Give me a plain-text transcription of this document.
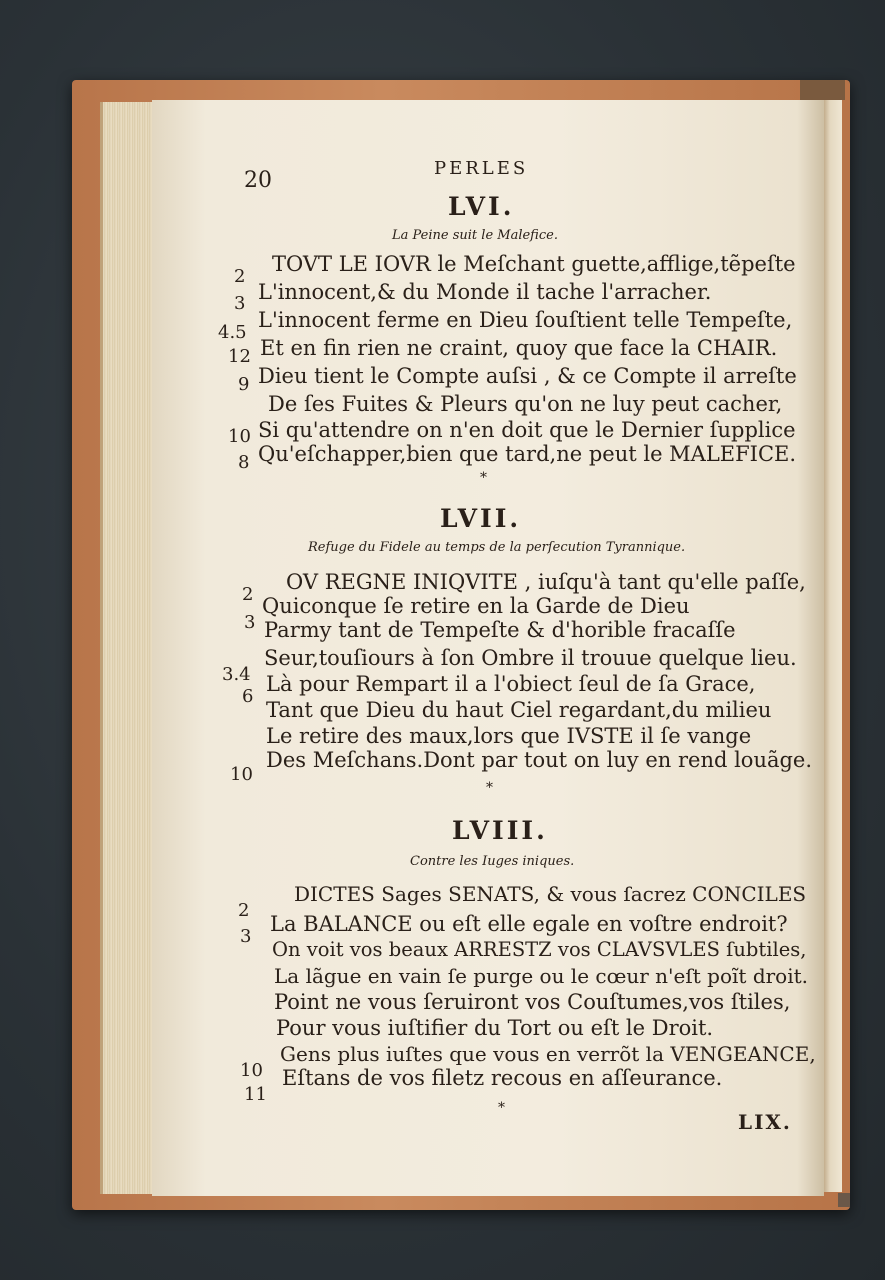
20	PERLES
LVI.
La Peine suit le Malefice.
2
TOVT LE IOVR le Meſchant guette,afflige,tẽpeſte
3 L'innocent,& du Monde il tache l'arracher.
4.5
L'innocent ferme en Dieu ſouſtient telle Tempeſte,
12 Et en fin rien ne craint, quoy que face la CHAIR.
9 Dieu tient le Compte auſsi , & ce Compte il arreſte
De ſes Fuites & Pleurs qu'on ne luy peut cacher,
10 Si qu'attendre on n'en doit que le Dernier ſupplice
8 Qu'eſchapper,bien que tard,ne peut le MALEFICE.
*
LVII.
Refuge du Fidele au temps de la perſecution Tyrannique.
2
OV REGNE INIQVITE , iuſqu'à tant qu'elle paſſe,
Quiconque ſe retire en la Garde de Dieu
3 Parmy tant de Tempeſte & d'horible fracaſſe
Seur,touſiours à ſon Ombre il trouue quelque lieu.
3.4 Là pour Rempart il a l'obiect ſeul de ſa Grace,
6
Tant que Dieu du haut Ciel regardant,du milieu
Le retire des maux,lors que IVSTE il ſe vange
10
Des Meſchans.Dont par tout on luy en rend louãge.
*
LVIII.
Contre les Iuges iniques.
2
DICTES Sages SENATS, & vous ſacrez CONCILES
3
La BALANCE ou eſt elle egale en voſtre endroit?
On voit vos beaux ARRESTZ vos CLAVSVLES ſubtiles,
La lãgue en vain ſe purge ou le cœur n'eſt poĩt droit.
Point ne vous ſeruiront vos Couſtumes,vos ſtiles,
Pour vous iuſtifier du Tort ou eſt le Droit.
10
Gens plus iuſtes que vous en verrõt la VENGEANCE,
11
Eſtans de vos filetz recous en aſſeurance.
*
LIX.
